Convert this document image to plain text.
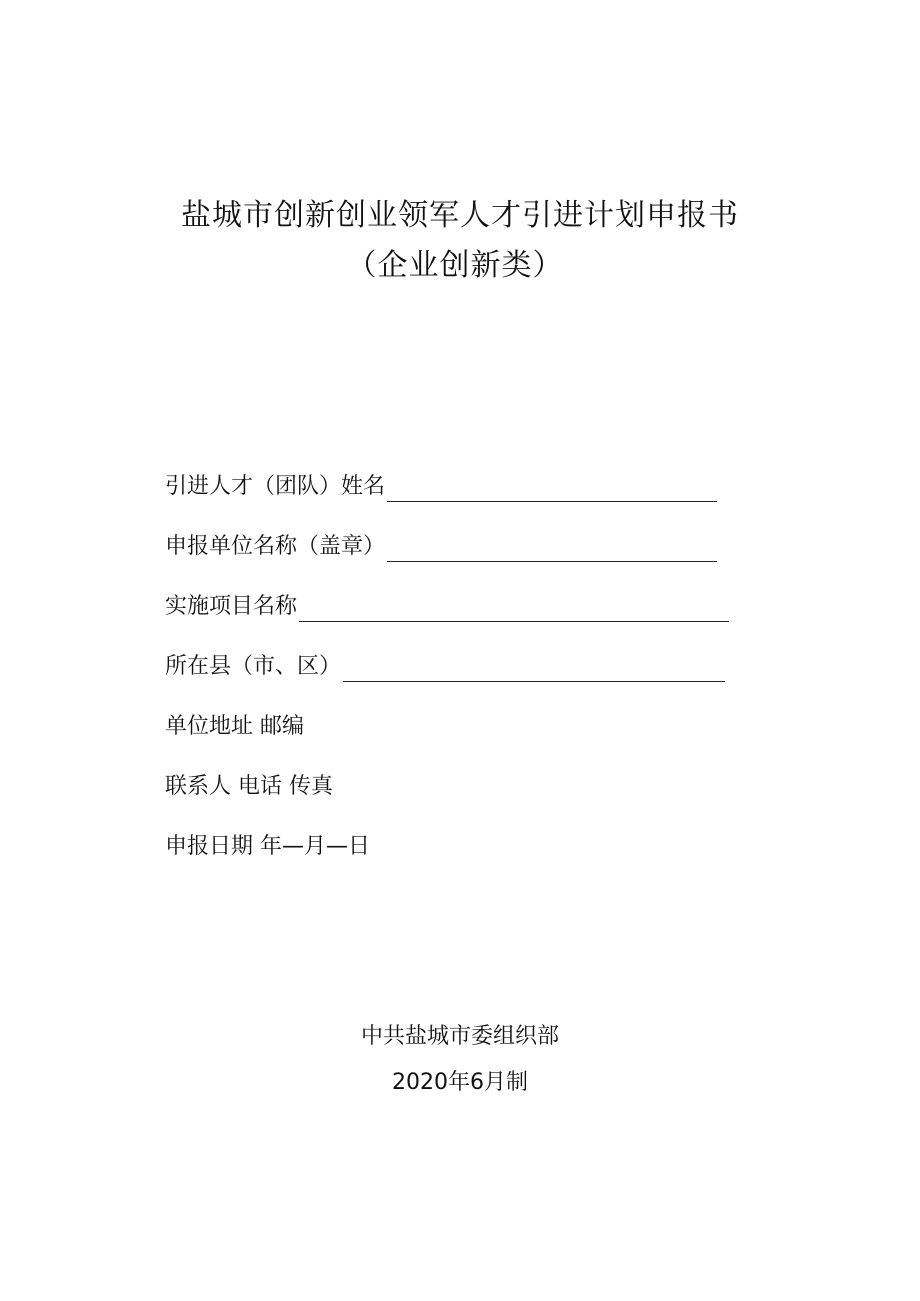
盐城市创新创业领军人才引进计划申报书
（企业创新类）
引进人才（团队）姓名
申报单位名称（盖章）
实施项目名称
所在县（市、区）
单位地址 邮编
联系人 电话 传真
申报日期 年—月—日
中共盐城市委组织部
2020年6月制
